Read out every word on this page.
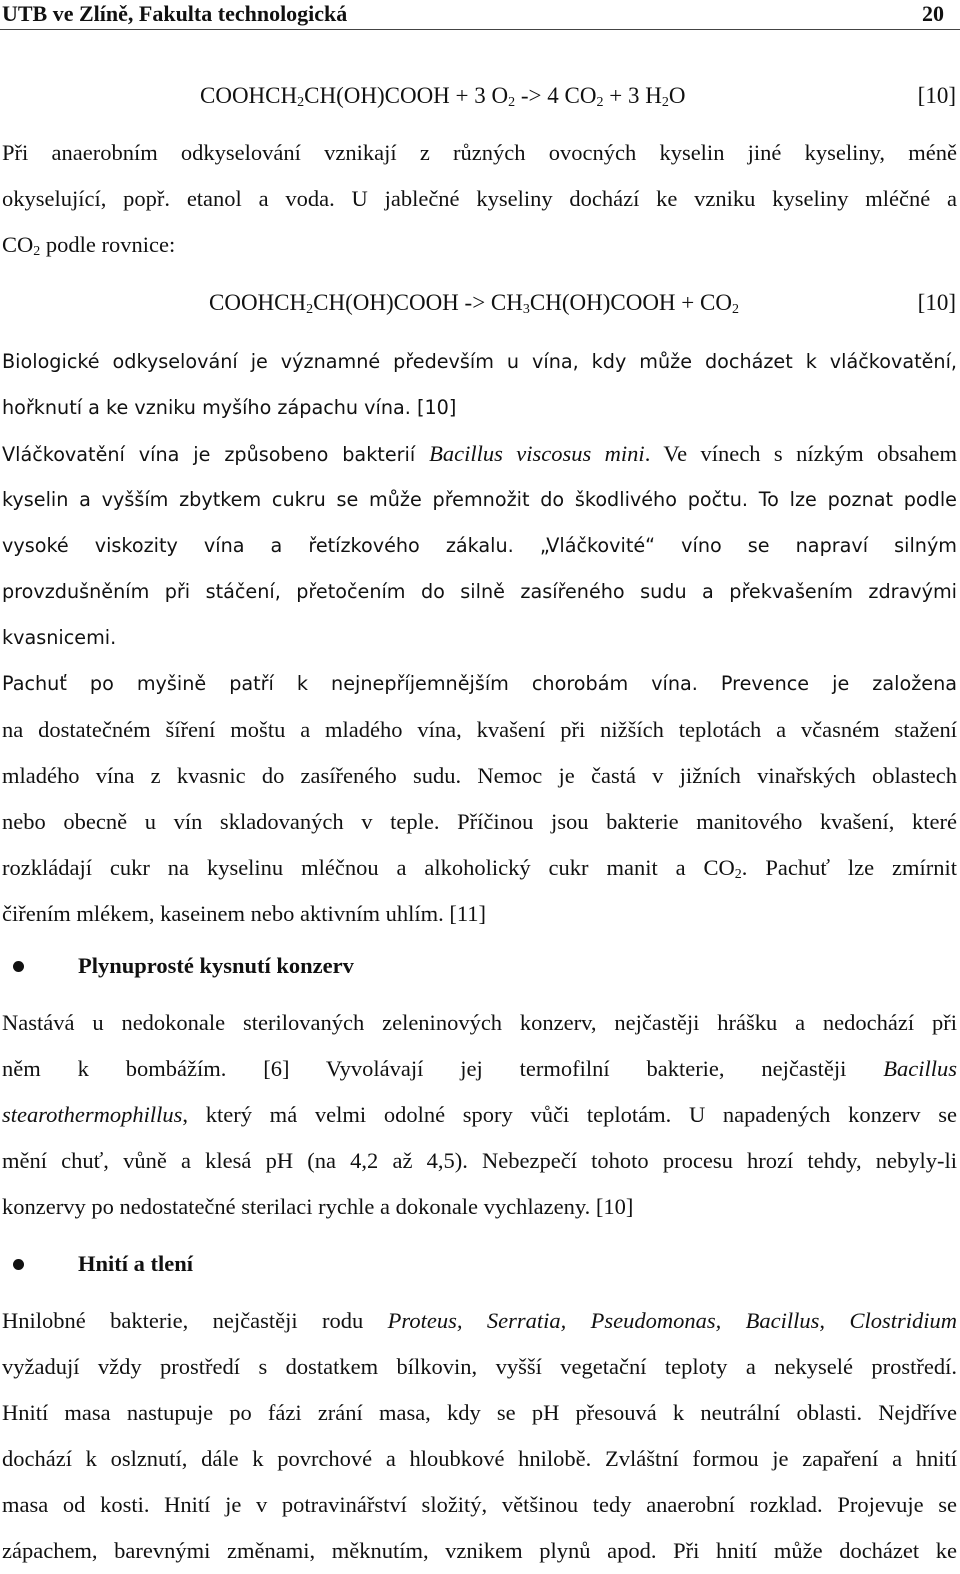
UTB ve Zlíně, Fakulta technologická	20
$COOHCH_2CH(OH)COOH + 3$ $O_2 -> 4$ $CO_2 + 3$ $H_2O$	[10]
Při anaerobním odkyselování vznikají z různých ovocných kyselin jiné kyseliny, méně
okyselující, popř. etanol a voda. U jablečné kyseliny dochází ke vzniku kyseliny mléčné a
$CO_2$ podle rovnice:
$COOHCH_2CH(OH)COOH$ -> $CH_3CH(OH)COOH + CO_2$	[10]
Biologické odkyselování je významné především u vína, kdy může docházet k vláčkovatění,
hořknutí a ke vzniku myšího zápachu vína. [10]
Vláčkovatění vína je způsobeno bakterií Bacillus viscosus mini. Ve vínech s nízkým obsahem
kyselin a vyšším zbytkem cukru se může přemnožit do škodlivého počtu. To lze poznat podle
vysoké viskozity vína a řetízkového zákalu. „Vláčkovité“ víno se napraví silným
provzdušněním při stáčení, přetočením do silně zasířeného sudu a překvašením zdravými
kvasnicemi.
Pachuť po myšině patří k nejnepříjemnějším chorobám vína. Prevence je založena
na dostatečném šíření moštu a mladého vína, kvašení při nižších teplotách a včasném stažení
mladého vína z kvasnic do zasířeného sudu. Nemoc je častá v jižních vinařských oblastech
nebo obecně u vín skladovaných v teple. Příčinou jsou bakterie manitového kvašení, které
rozkládají cukr na kyselinu mléčnou a alkoholický cukr manit a $CO_2$. Pachuť lze zmírnit
čiřením mlékem, kaseinem nebo aktivním uhlím. [11]
Plynuprosté kysnutí konzerv
Nastává u nedokonale sterilovaných zeleninových konzerv, nejčastěji hrášku a nedochází při
něm k bombážím. [6] Vyvolávají jej termofilní bakterie, nejčastěji Bacillus
stearothermophillus, který má velmi odolné spory vůči teplotám. U napadených konzerv se
mění chuť, vůně a klesá pH (na 4,2 až 4,5). Nebezpečí tohoto procesu hrozí tehdy, nebyly-li
konzervy po nedostatečné sterilaci rychle a dokonale vychlazeny. [10]
Hnití a tlení
Hnilobné bakterie, nejčastěji rodu Proteus, Serratia, Pseudomonas, Bacillus, Clostridium
vyžadují vždy prostředí s dostatkem bílkovin, vyšší vegetační teploty a nekyselé prostředí.
Hnití masa nastupuje po fázi zrání masa, kdy se pH přesouvá k neutrální oblasti. Nejdříve
dochází k oslznutí, dále k povrchové a hloubkové hnilobě. Zvláštní formou je zapaření a hnití
masa od kosti. Hnití je v potravinářství složitý, většinou tedy anaerobní rozklad. Projevuje se
zápachem, barevnými změnami, měknutím, vznikem plynů apod. Při hnití může docházet ke
